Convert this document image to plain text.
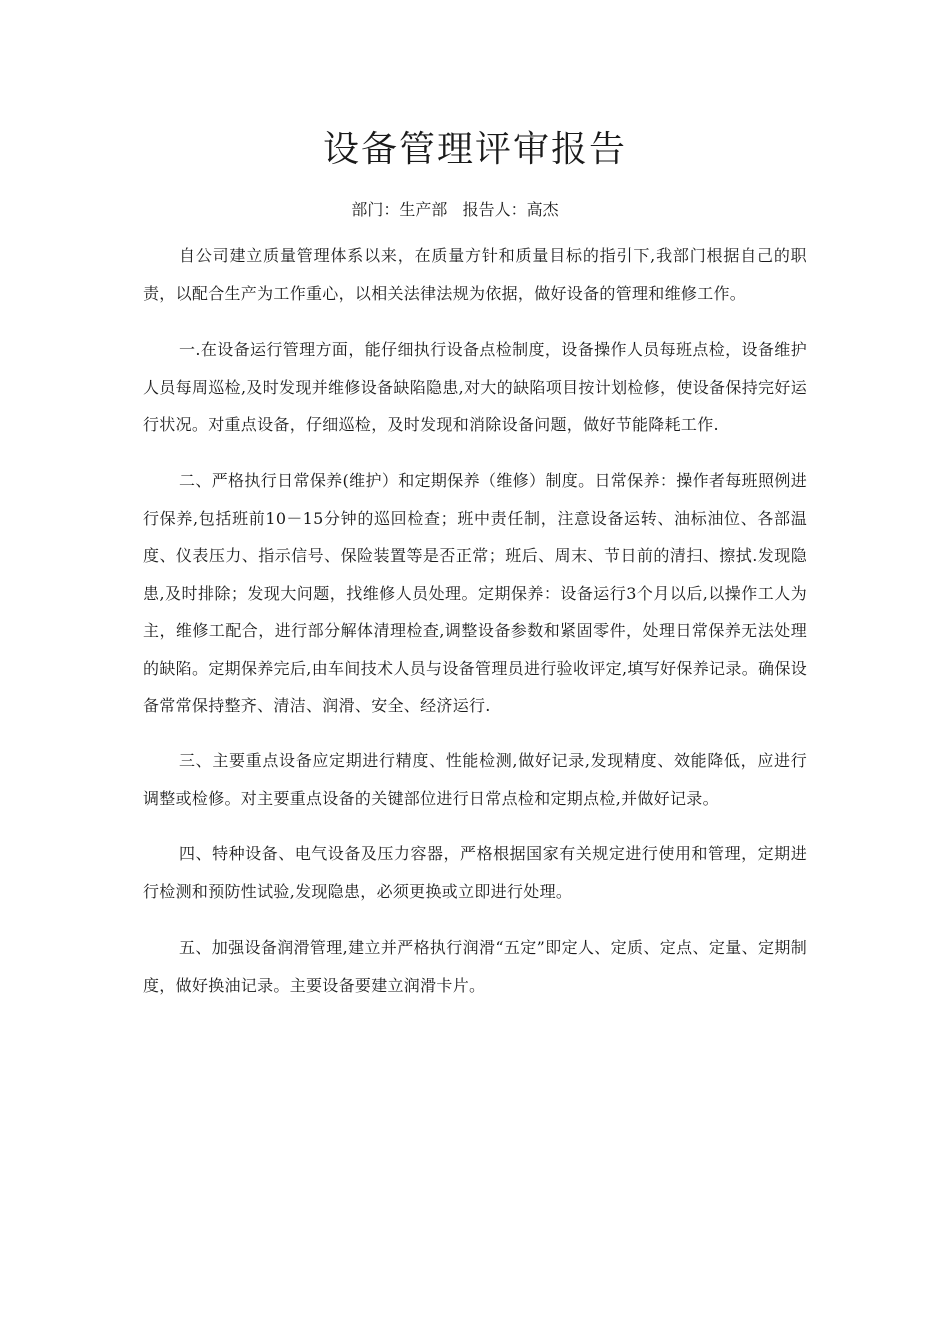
设备管理评审报告
部门：生产部 报告人：高杰

自公司建立质量管理体系以来，在质量方针和质量目标的指引下,我部门根据自己的职责，以配合生产为工作重心，以相关法律法规为依据，做好设备的管理和维修工作。

一.在设备运行管理方面，能仔细执行设备点检制度，设备操作人员每班点检，设备维护人员每周巡检,及时发现并维修设备缺陷隐患,对大的缺陷项目按计划检修，使设备保持完好运行状况。对重点设备，仔细巡检，及时发现和消除设备问题，做好节能降耗工作.

二、严格执行日常保养(维护）和定期保养（维修）制度。日常保养：操作者每班照例进行保养,包括班前10－15分钟的巡回检查；班中责任制，注意设备运转、油标油位、各部温度、仪表压力、指示信号、保险装置等是否正常；班后、周末、节日前的清扫、擦拭.发现隐患,及时排除；发现大问题，找维修人员处理。定期保养：设备运行3个月以后,以操作工人为主，维修工配合，进行部分解体清理检查,调整设备参数和紧固零件，处理日常保养无法处理的缺陷。定期保养完后,由车间技术人员与设备管理员进行验收评定,填写好保养记录。确保设备常常保持整齐、清洁、润滑、安全、经济运行.

三、主要重点设备应定期进行精度、性能检测,做好记录,发现精度、效能降低，应进行调整或检修。对主要重点设备的关键部位进行日常点检和定期点检,并做好记录。

四、特种设备、电气设备及压力容器，严格根据国家有关规定进行使用和管理，定期进行检测和预防性试验,发现隐患，必须更换或立即进行处理。

五、加强设备润滑管理,建立并严格执行润滑“五定”即定人、定质、定点、定量、定期制度，做好换油记录。主要设备要建立润滑卡片。
